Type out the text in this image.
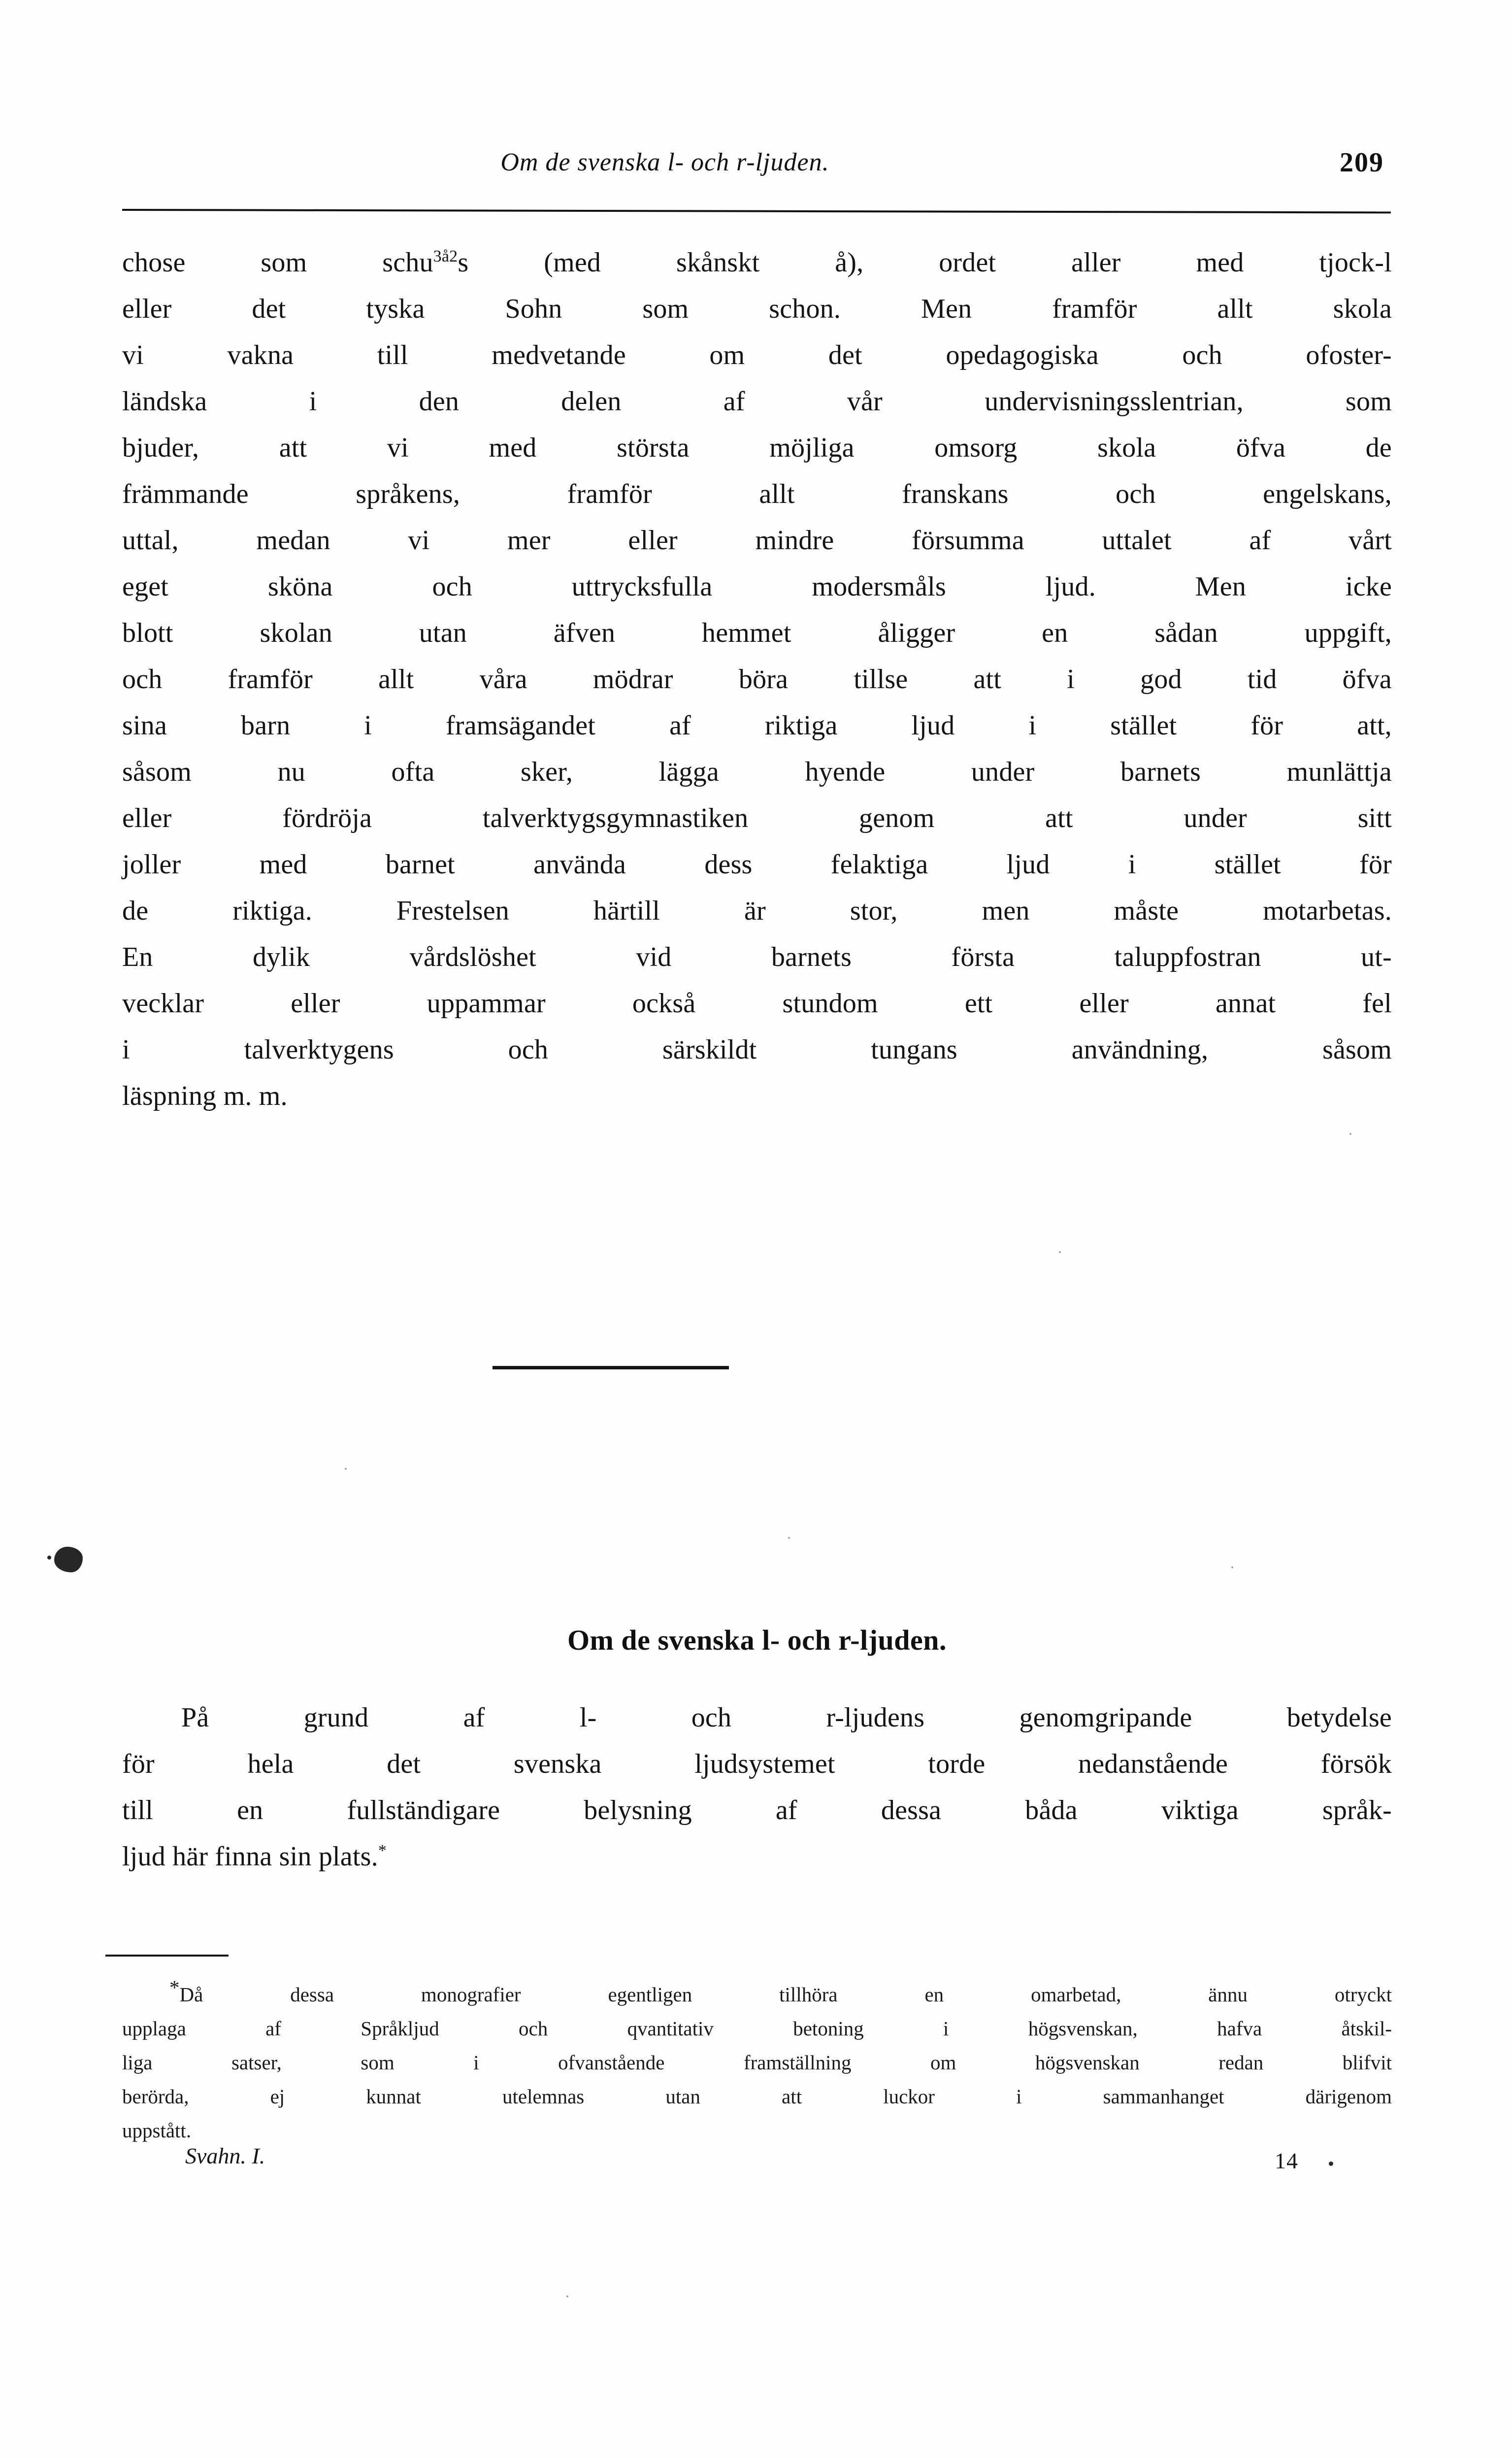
Om de svenska l- och r-ljuden.	209
chose som $schu^3å^2s$ (med skånskt å), ordet aller med tjock-l
eller det tyska Sohn som schon. Men framför allt skola
vi vakna till medvetande om det opedagogiska och ofoster-
ländska i den delen af vår undervisningsslentrian, som
bjuder, att vi med största möjliga omsorg skola öfva de
främmande språkens, framför allt franskans och engelskans,
uttal, medan vi mer eller mindre försumma uttalet af vårt
eget sköna och uttrycksfulla modersmåls ljud. Men icke
blott skolan utan äfven hemmet åligger en sådan uppgift,
och framför allt våra mödrar böra tillse att i god tid öfva
sina barn i framsägandet af riktiga ljud i stället för att,
såsom nu ofta sker, lägga hyende under barnets munlättja
eller fördröja talverktygsgymnastiken genom att under sitt
joller med barnet använda dess felaktiga ljud i stället för
de riktiga. Frestelsen härtill är stor, men måste motarbetas.
En dylik vårdslöshet vid barnets första taluppfostran ut-
vecklar eller uppammar också stundom ett eller annat fel
i talverktygens och särskildt tungans användning, såsom
läspning m. m.
Om de svenska l- och r-ljuden.
På grund af l- och r-ljudens genomgripande betydelse
för hela det svenska ljudsystemet torde nedanstående försök
till en fullständigare belysning af dessa båda viktiga språk-
ljud här finna sin plats.*
*Då dessa monografier egentligen tillhöra en omarbetad, ännu otryckt
upplaga af Språkljud och qvantitativ betoning i högsvenskan, hafva åtskil-
liga satser, som i ofvanstående framställning om högsvenskan redan blifvit
berörda, ej kunnat utelemnas utan att luckor i sammanhanget därigenom
uppstått.
Svahn. I.	14
